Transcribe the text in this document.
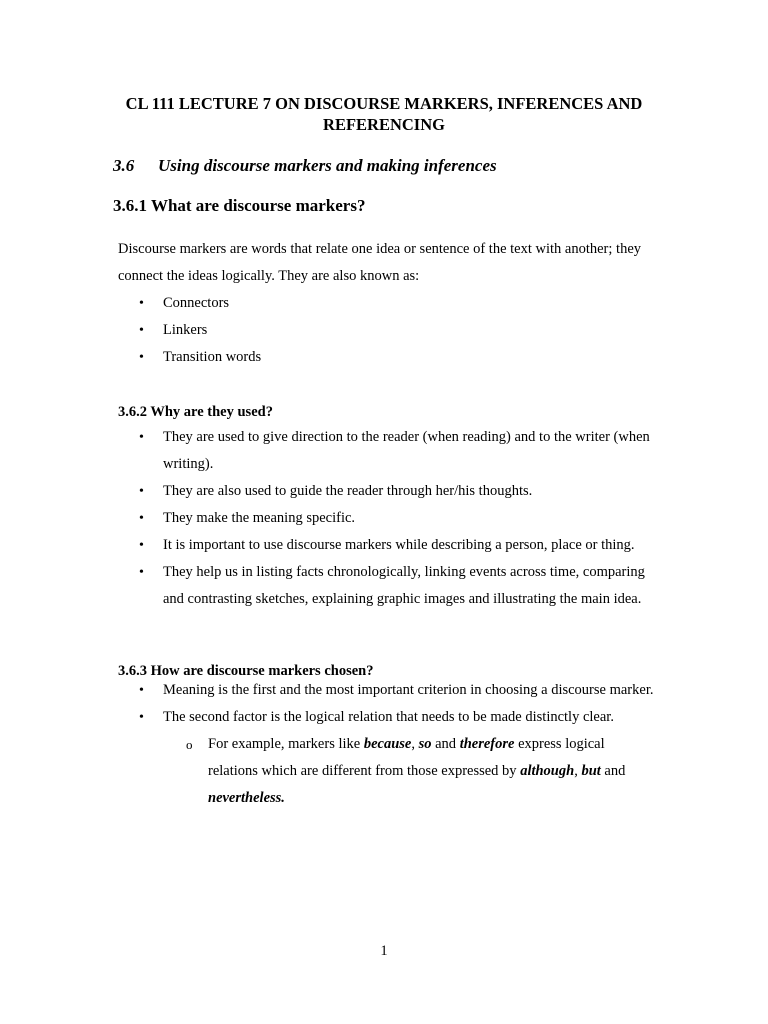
CL 111 LECTURE 7 ON DISCOURSE MARKERS, INFERENCES AND REFERENCING
3.6 Using discourse markers and making inferences
3.6.1 What are discourse markers?
Discourse markers are words that relate one idea or sentence of the text with another; they connect the ideas logically. They are also known as:
• Connectors
• Linkers
• Transition words
3.6.2 Why are they used?
• They are used to give direction to the reader (when reading) and to the writer (when writing).
• They are also used to guide the reader through her/his thoughts.
• They make the meaning specific.
• It is important to use discourse markers while describing a person, place or thing.
• They help us in listing facts chronologically, linking events across time, comparing and contrasting sketches, explaining graphic images and illustrating the main idea.
3.6.3 How are discourse markers chosen?
• Meaning is the first and the most important criterion in choosing a discourse marker.
• The second factor is the logical relation that needs to be made distinctly clear.
o For example, markers like because, so and therefore express logical relations which are different from those expressed by although, but and nevertheless.
1
